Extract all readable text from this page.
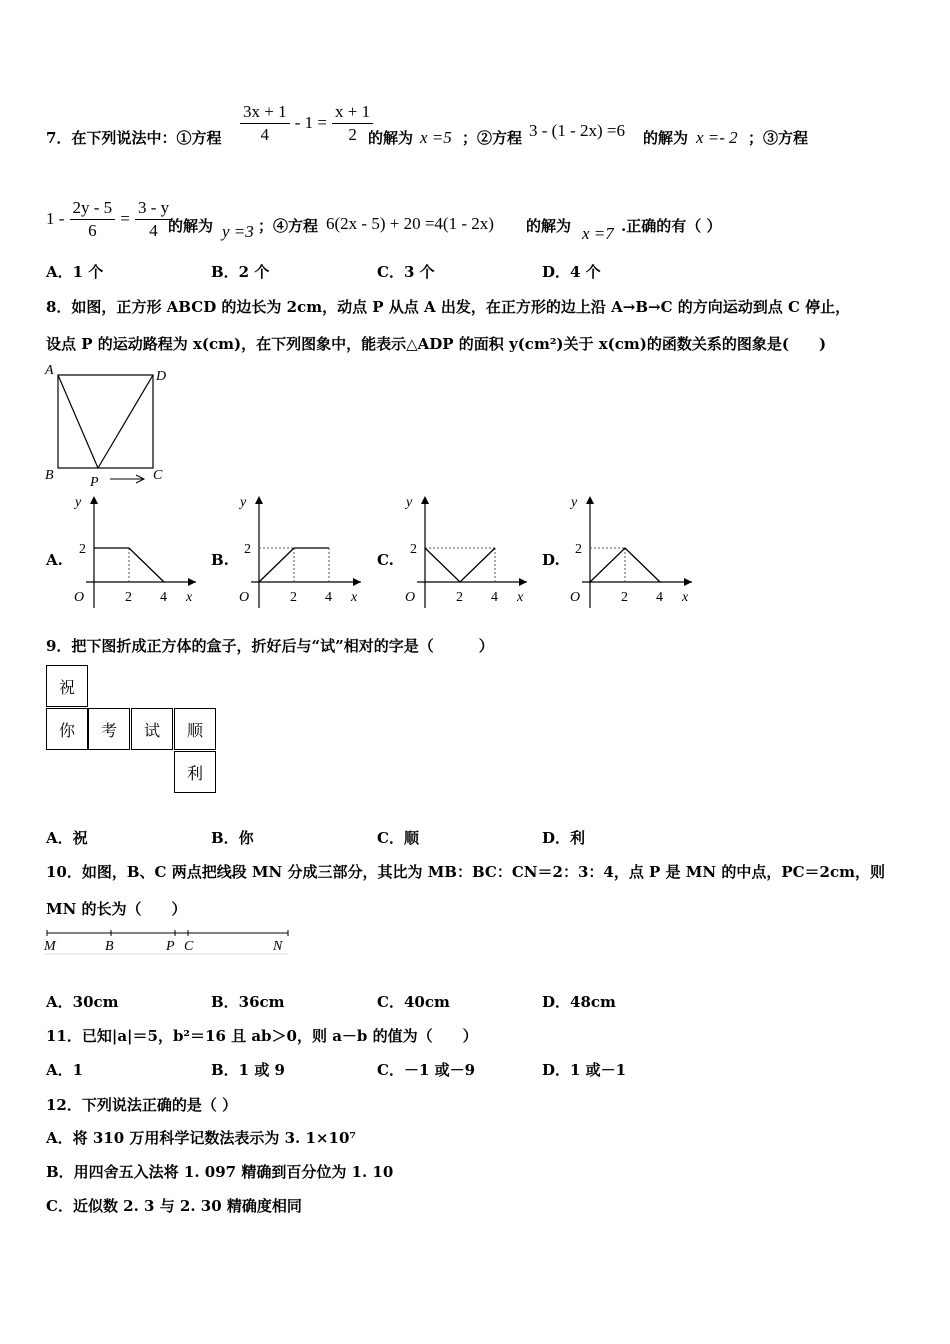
7．在下列说法中：①方程 $\frac{3x + 1}{4} - 1 = \frac{x + 1}{2}$
的解为 x =5 ；②方程 3 - (1 - 2x) =6 的解为 x =- 2 ；③方程
$1 - \frac{2y - 5}{6} = \frac{3 - y}{4}$
的解为 y =3 ；④方程 6(2x - 5) + 20 =4(1 - 2x) 的解为 x =7 .正确的有（ ）
A．1 个	B．2 个	C．3 个	D．4 个
8．如图，正方形 ABCD 的边长为 2cm，动点 P 从点 A 出发，在正方形的边上沿 A→B→C 的方向运动到点 C 停止，
设点 P 的运动路程为 x(cm)，在下列图象中，能表示△ADP 的面积 y(cm²)关于 x(cm)的函数关系的图象是(　　)
A	D
B	P	C
A.	B.	C.	D.
y
x
O
2
2 4
y
x
O
2
2 4
y
x
O
2
2 4
y
x
O
2
2 4
9．把下图折成正方体的盒子，折好后与“试”相对的字是（　　　）
祝
你	考	试	顺
利
A．祝	B．你	C．顺	D．利
10．如图，B、C 两点把线段 MN 分成三部分，其比为 MB：BC：CN＝2：3：4，点 P 是 MN 的中点，PC＝2cm，则
MN 的长为（　　）
M	B	P C	N
A．30cm	B．36cm	C．40cm	D．48cm
11．已知|a|＝5，b²＝16 且 ab＞0，则 a－b 的值为（　　）
A．1	B．1 或 9	C．－1 或－9	D．1 或－1
12．下列说法正确的是（ ）
A．将 310 万用科学记数法表示为 3. 1×10⁷
B．用四舍五入法将 1. 097 精确到百分位为 1. 10
C．近似数 2. 3 与 2. 30 精确度相同
